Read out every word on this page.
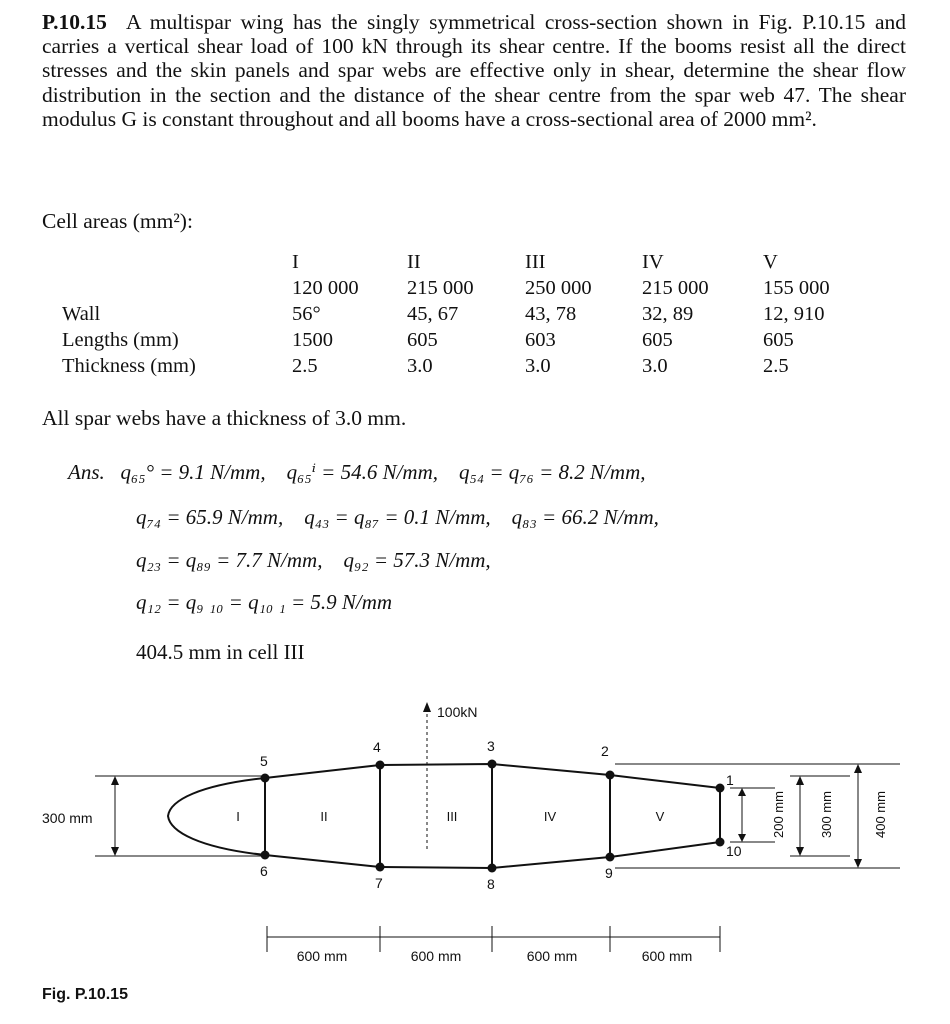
P.10.15 A multispar wing has the singly symmetrical cross-section shown in Fig. P.10.15 and carries a vertical shear load of 100 kN through its shear centre. If the booms resist all the direct stresses and the skin panels and spar webs are effective only in shear, determine the shear flow distribution in the section and the distance of the shear centre from the spar web 47. The shear modulus G is constant throughout and all booms have a cross-sectional area of 2000 mm².
Cell areas (mm²):
	I	II	III	IV	V
	120 000	215 000	250 000	215 000	155 000
Wall	56°	45, 67	43, 78	32, 89	12, 910
Lengths (mm)	1500	605	603	605	605
Thickness (mm)	2.5	3.0	3.0	3.0	2.5
All spar webs have a thickness of 3.0 mm.
Ans. q₆₅° = 9.1 N/mm, q₆₅ⁱ = 54.6 N/mm, q₅₄ = q₇₆ = 8.2 N/mm,
q₇₄ = 65.9 N/mm, q₄₃ = q₈₇ = 0.1 N/mm, q₈₃ = 66.2 N/mm,
q₂₃ = q₈₉ = 7.7 N/mm, q₉₂ = 57.3 N/mm,
q₁₂ = q₉ ₁₀ = q₁₀ ₁ = 5.9 N/mm
404.5 mm in cell III
1
2
3
4
5
6
7	8
9
10
I	II	III	IV	V
100kN
300 mm	200 mm	300 mm	400 mm
600 mm	600 mm	600 mm	600 mm
Fig. P.10.15
